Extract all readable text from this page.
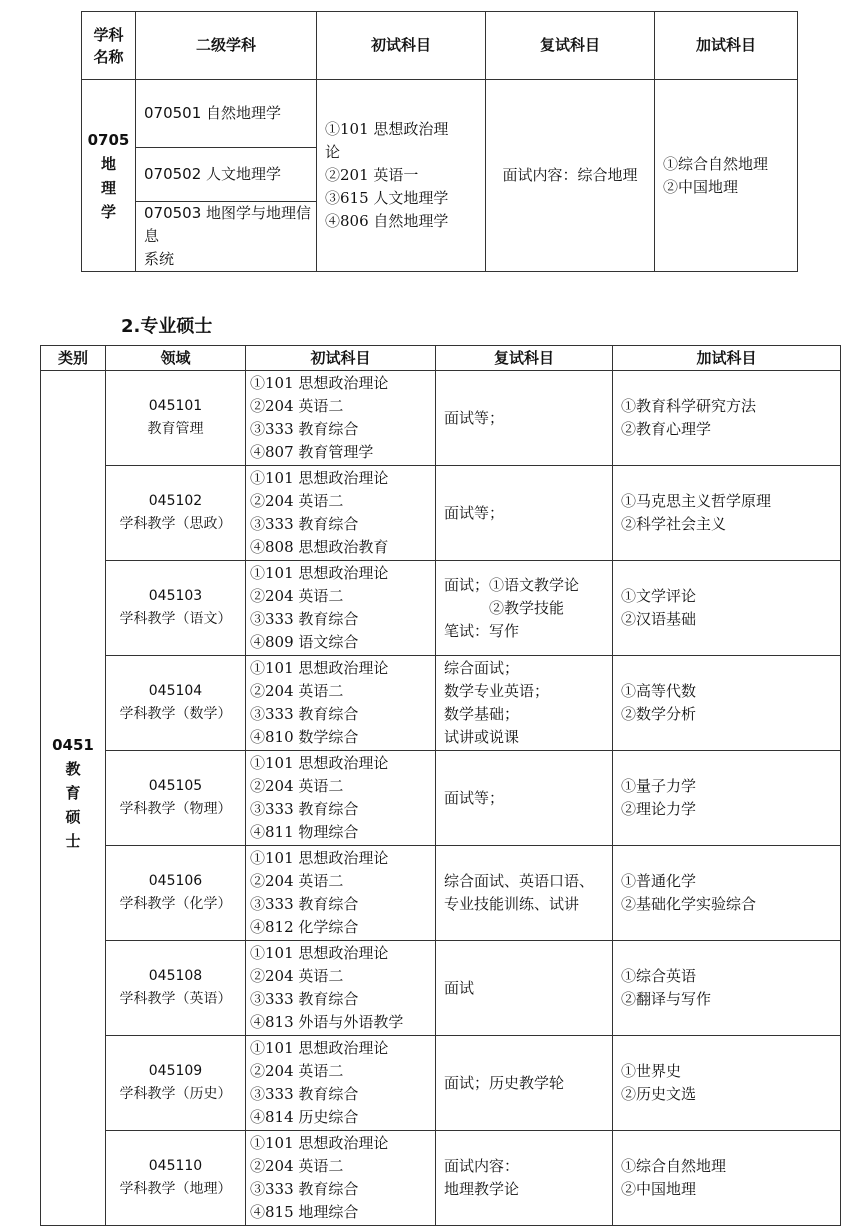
学科
名称	二级学科	初试科目	复试科目	加试科目

0705
地
理
学	070501 自然地理学	①101 思想政治理
论
②201 英语一
③615 人文地理学
④806 自然地理学	面试内容：综合地理	①综合自然地理
②中国地理

	070502 人文地理学			

	070503 地图学与地理信息
系统			
2.专业硕士
类别	领域	初试科目	复试科目	加试科目

0451
教
育
硕
士	045101
教育管理	①101 思想政治理论
②204 英语二
③333 教育综合
④807 教育管理学	面试等；	①教育科学研究方法
②教育心理学

	045102
学科教学（思政）	①101 思想政治理论
②204 英语二
③333 教育综合
④808 思想政治教育	面试等；	①马克思主义哲学原理
②科学社会主义

	045103
学科教学（语文）	①101 思想政治理论
②204 英语二
③333 教育综合
④809 语文综合	面试；①语文教学论
　　　②教学技能
笔试：写作	①文学评论
②汉语基础

	045104
学科教学（数学）	①101 思想政治理论
②204 英语二
③333 教育综合
④810 数学综合	综合面试；
数学专业英语；
数学基础；
试讲或说课	①高等代数
②数学分析

	045105
学科教学（物理）	①101 思想政治理论
②204 英语二
③333 教育综合
④811 物理综合	面试等；	①量子力学
②理论力学

	045106
学科教学（化学）	①101 思想政治理论
②204 英语二
③333 教育综合
④812 化学综合	综合面试、英语口语、
专业技能训练、试讲	①普通化学
②基础化学实验综合

	045108
学科教学（英语）	①101 思想政治理论
②204 英语二
③333 教育综合
④813 外语与外语教学	面试	①综合英语
②翻译与写作

	045109
学科教学（历史）	①101 思想政治理论
②204 英语二
③333 教育综合
④814 历史综合	面试；历史教学轮	①世界史
②历史文选

	045110
学科教学（地理）	①101 思想政治理论
②204 英语二
③333 教育综合
④815 地理综合	面试内容：
地理教学论	①综合自然地理
②中国地理
